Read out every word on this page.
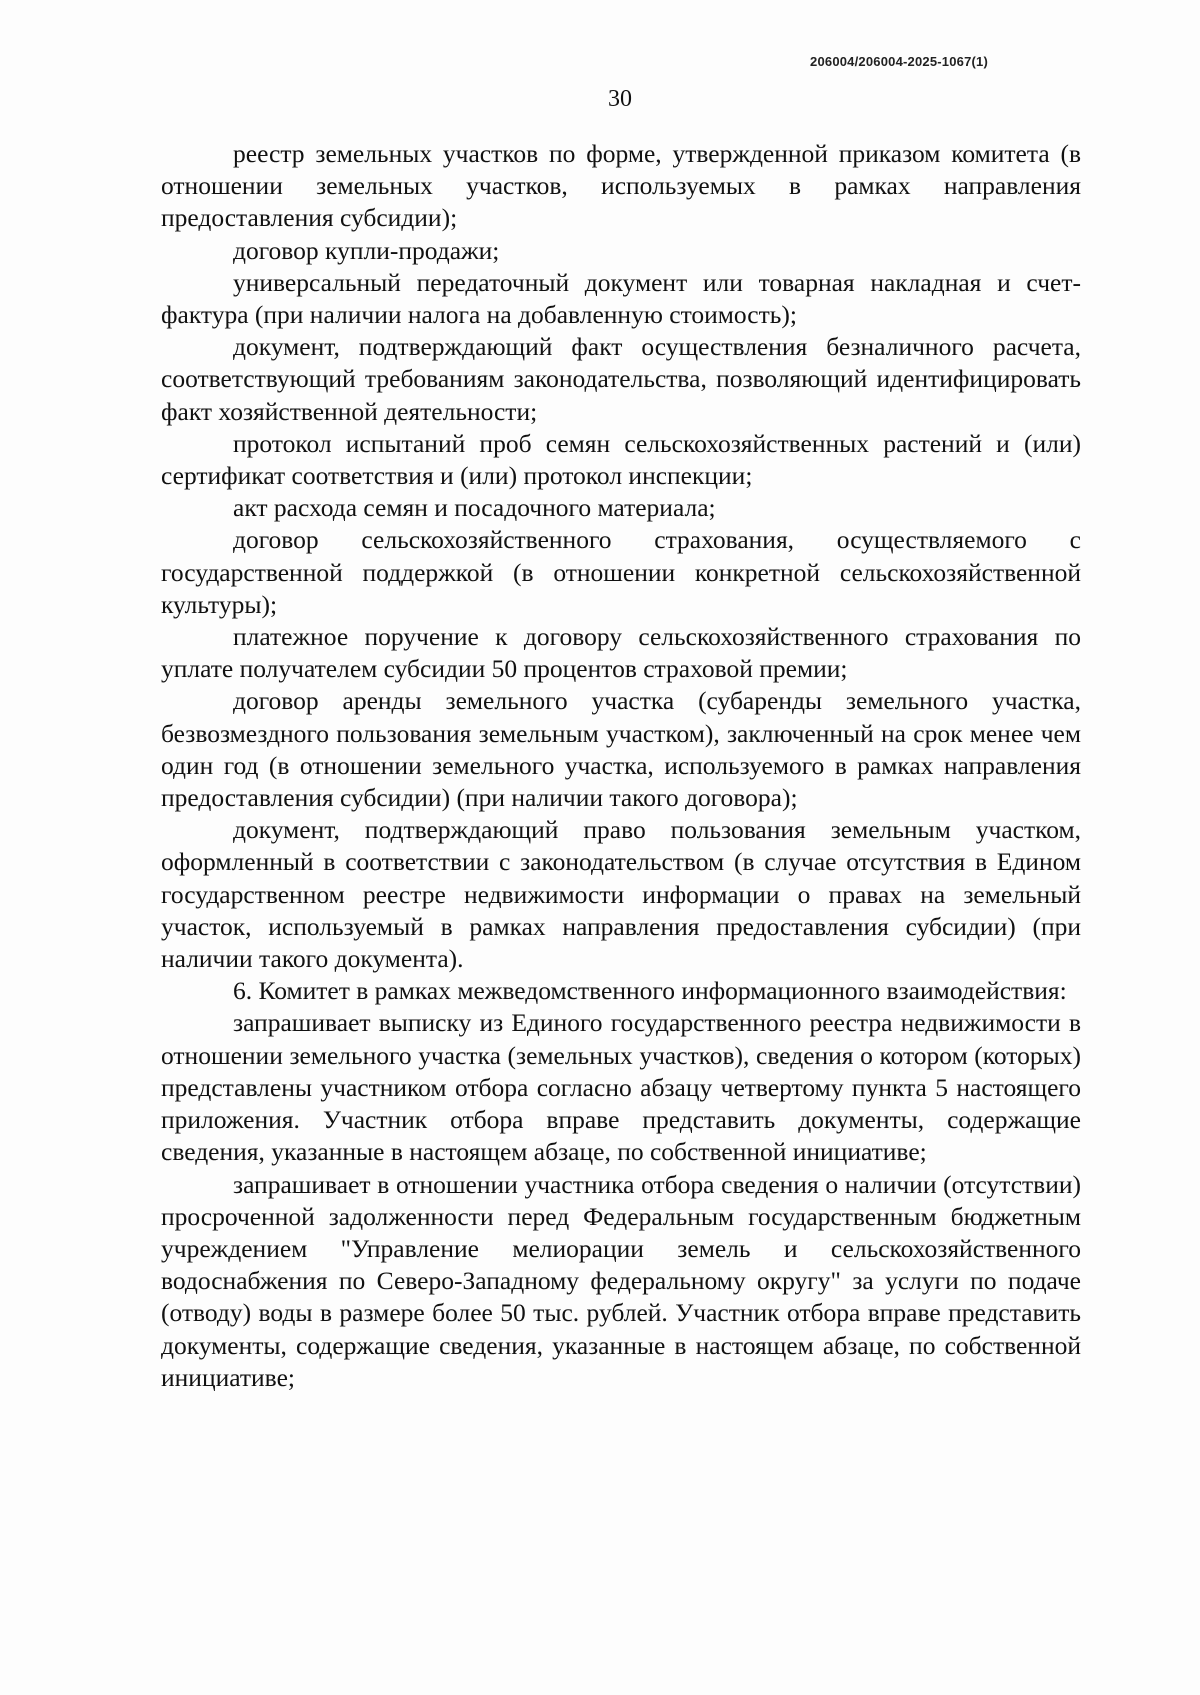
206004/206004-2025-1067(1)
30

реестр земельных участков по форме, утвержденной приказом комитета (в отношении земельных участков, используемых в рамках направления предоставления субсидии);

договор купли-продажи;

универсальный передаточный документ или товарная накладная и счет-фактура (при наличии налога на добавленную стоимость);

документ, подтверждающий факт осуществления безналичного расчета, соответствующий требованиям законодательства, позволяющий идентифицировать факт хозяйственной деятельности;

протокол испытаний проб семян сельскохозяйственных растений и (или) сертификат соответствия и (или) протокол инспекции;

акт расхода семян и посадочного материала;

договор сельскохозяйственного страхования, осуществляемого с государственной поддержкой (в отношении конкретной сельскохозяйственной культуры);

платежное поручение к договору сельскохозяйственного страхования по уплате получателем субсидии 50 процентов страховой премии;

договор аренды земельного участка (субаренды земельного участка, безвозмездного пользования земельным участком), заключенный на срок менее чем один год (в отношении земельного участка, используемого в рамках направления предоставления субсидии) (при наличии такого договора);

документ, подтверждающий право пользования земельным участком, оформленный в соответствии с законодательством (в случае отсутствия в Едином государственном реестре недвижимости информации о правах на земельный участок, используемый в рамках направления предоставления субсидии) (при наличии такого документа).

6. Комитет в рамках межведомственного информационного взаимодействия:

запрашивает выписку из Единого государственного реестра недвижимости в отношении земельного участка (земельных участков), сведения о котором (которых) представлены участником отбора согласно абзацу четвертому пункта 5 настоящего приложения. Участник отбора вправе представить документы, содержащие сведения, указанные в настоящем абзаце, по собственной инициативе;

запрашивает в отношении участника отбора сведения о наличии (отсутствии) просроченной задолженности перед Федеральным государственным бюджетным учреждением "Управление мелиорации земель и сельскохозяйственного водоснабжения по Северо-Западному федеральному округу" за услуги по подаче (отводу) воды в размере более 50 тыс. рублей. Участник отбора вправе представить документы, содержащие сведения, указанные в настоящем абзаце, по собственной инициативе;
